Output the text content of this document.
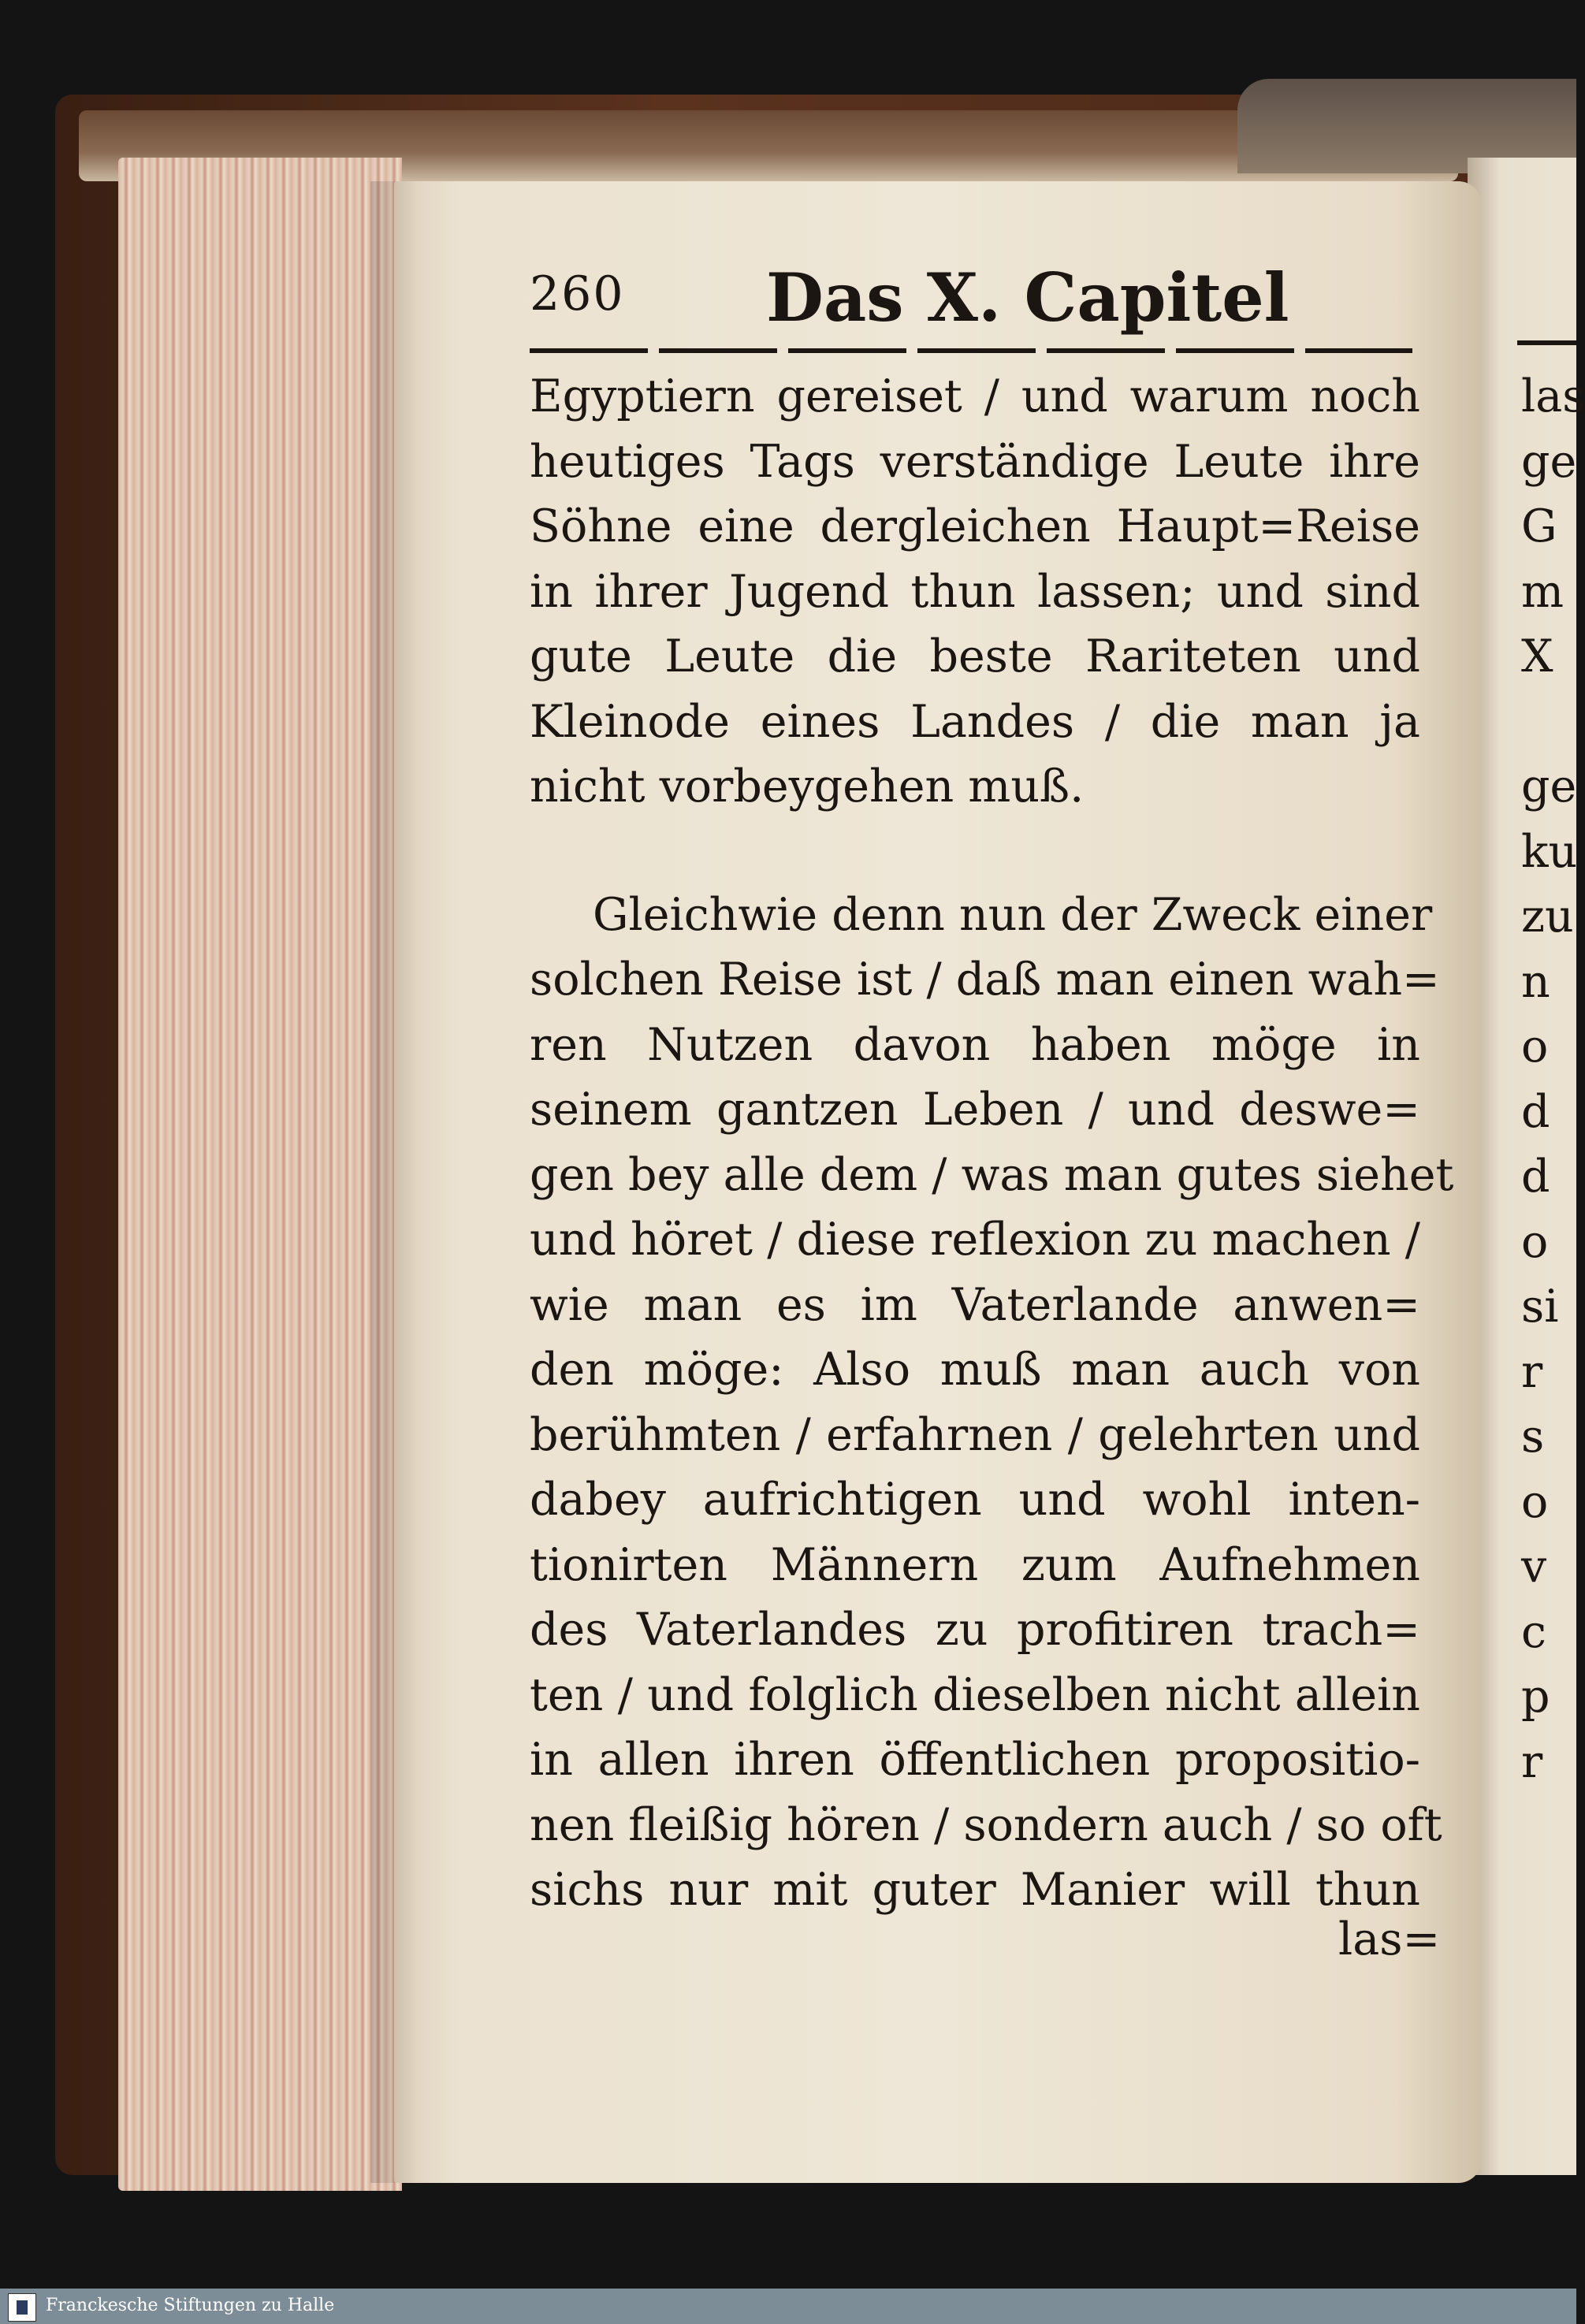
260 Das X. Capitel
Egyptiern gereiset / und warum noch
heutiges Tags verständige Leute ihre
Söhne eine dergleichen Haupt=Reise
in ihrer Jugend thun lassen; und sind
gute Leute die beste Rariteten und
Kleinode eines Landes / die man ja
nicht vorbeygehen muß.
Gleichwie denn nun der Zweck einer
solchen Reise ist / daß man einen wah=
ren Nutzen davon haben möge in
seinem gantzen Leben / und deswe=
gen bey alle dem / was man gutes siehet
und höret / diese reflexion zu machen /
wie man es im Vaterlande anwen=
den möge: Also muß man auch von
berühmten / erfahrnen / gelehrten und
dabey aufrichtigen und wohl inten-
tionirten Männern zum Aufnehmen
des Vaterlandes zu profitiren trach=
ten / und folglich dieselben nicht allein
in allen ihren öffentlichen propositio-
nen fleißig hören / sondern auch / so oft
sichs nur mit guter Manier will thun
las=
las
ge
G
m
X
ge
ku
zu
n
o
d
d
o
si
r
s
o
v
c
p
r
Franckesche Stiftungen zu Halle
